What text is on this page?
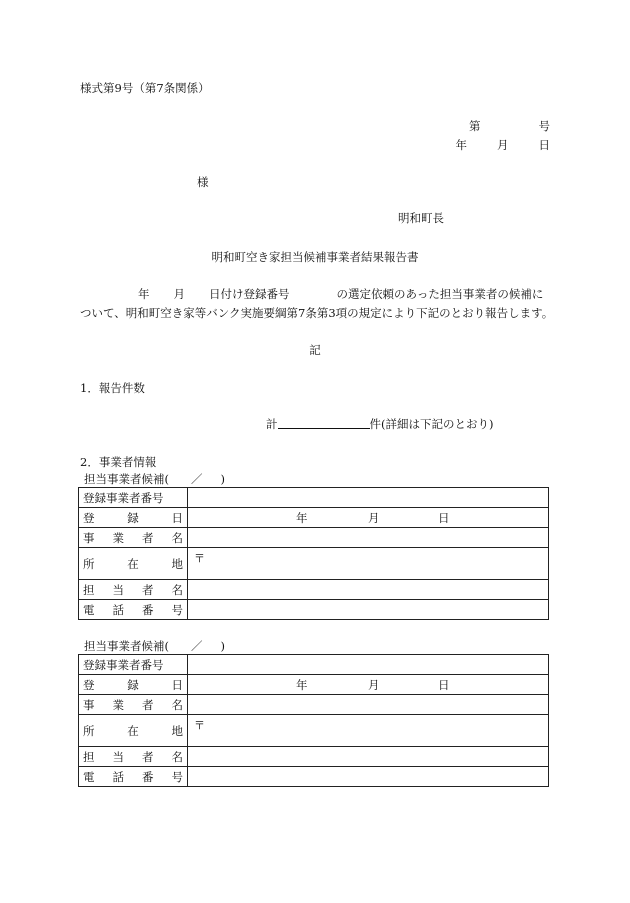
様式第9号（第7条関係）
第	号
年	月	日
様
明和町長
明和町空き家担当候補事業者結果報告書
年 月 日付け登録番号	の選定依頼のあった担当事業者の候補に
ついて、明和町空き家等バンク実施要綱第7条第3項の規定により下記のとおり報告します。
記
1．報告件数
計	件(詳細は下記のとおり)
2．事業者情報
担当事業者候補( ／ )
登録事業者番号	

登 録 日	年 月 日

事 業 者 名	

所 在 地	〒

担 当 者 名	

電 話 番 号	

担当事業者候補( ／ )
登録事業者番号	

登 録 日	年 月 日

事 業 者 名	

所 在 地	〒

担 当 者 名	

電 話 番 号	
